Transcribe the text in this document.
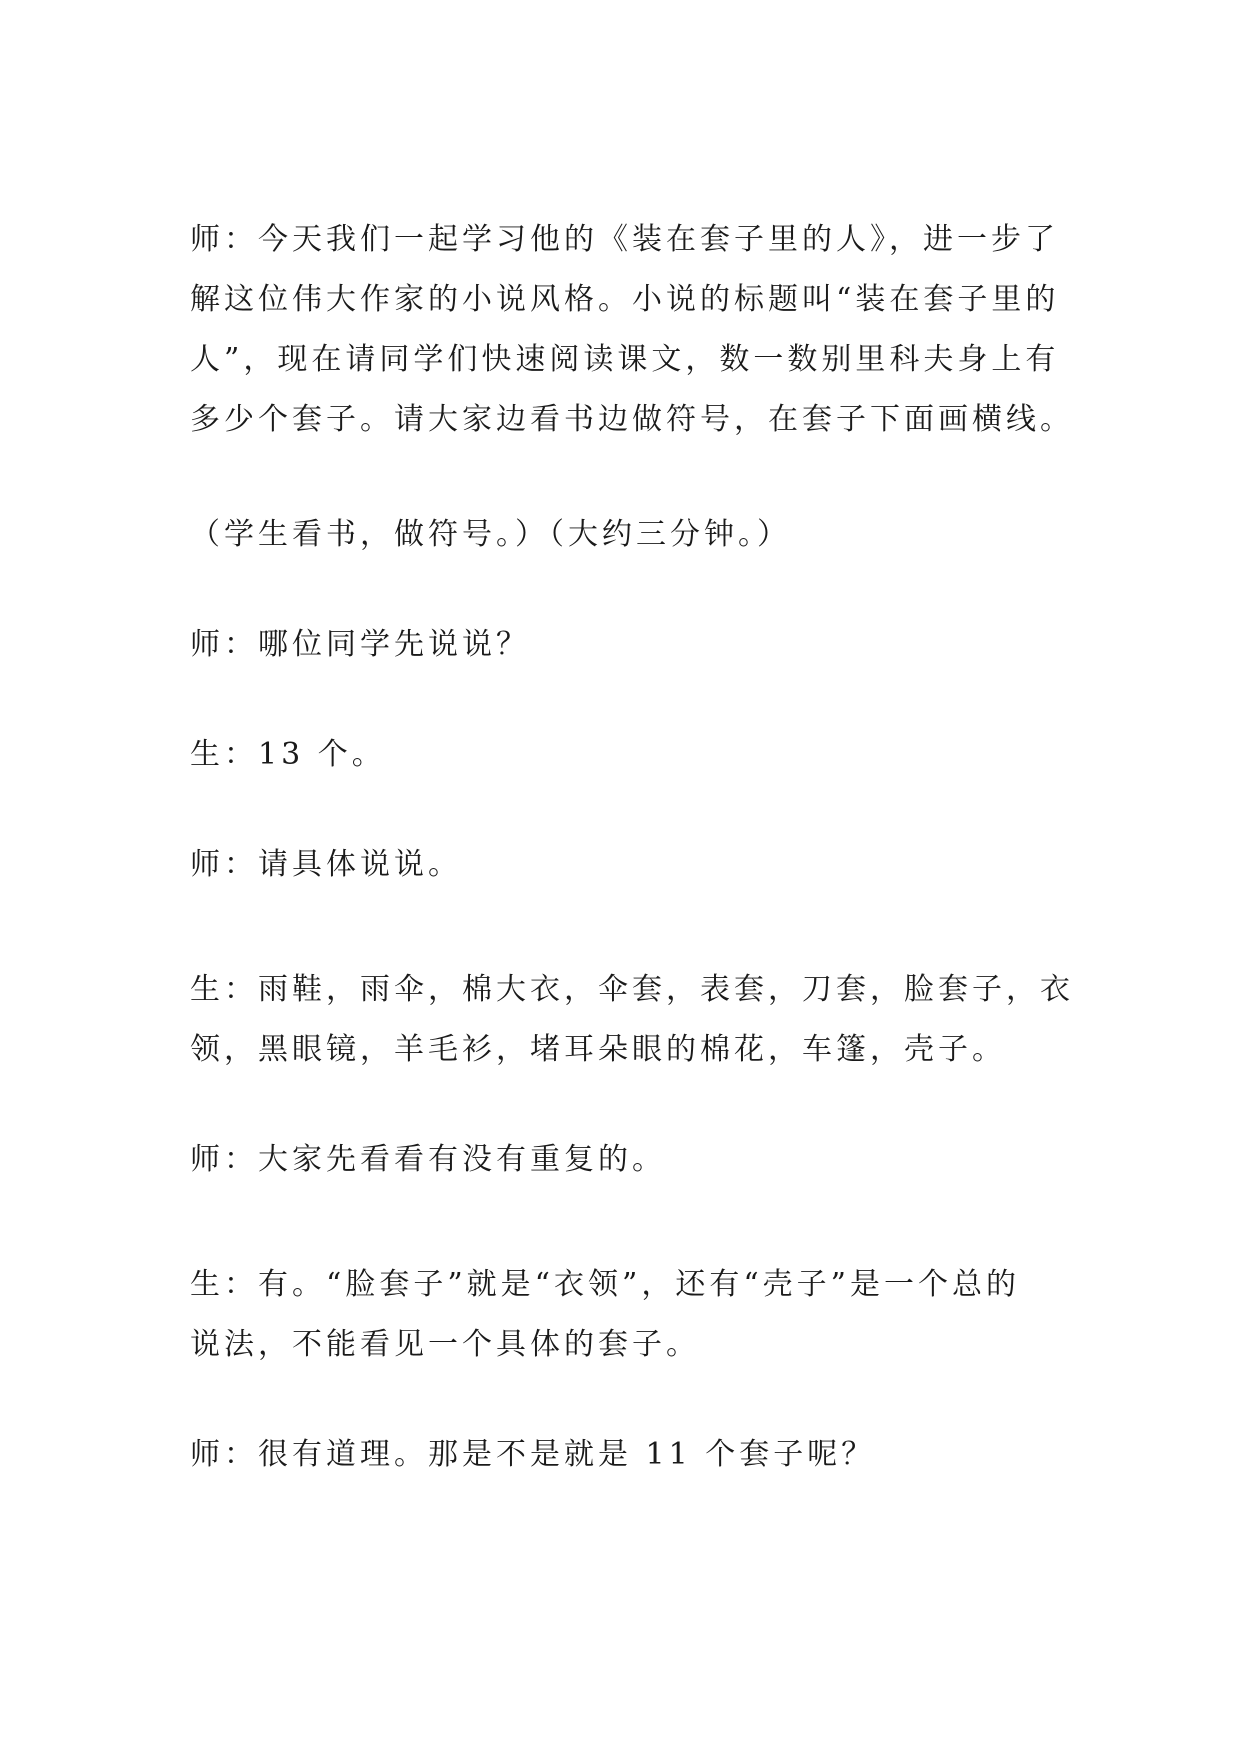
师：今天我们一起学习他的《装在套子里的人》，进一步了
解这位伟大作家的小说风格。小说的标题叫“装在套子里的
人”，现在请同学们快速阅读课文，数一数别里科夫身上有
多少个套子。请大家边看书边做符号，在套子下面画横线。
（学生看书，做符号。）（大约三分钟。）
师：哪位同学先说说？
生：13 个。
师：请具体说说。
生：雨鞋，雨伞，棉大衣，伞套，表套，刀套，脸套子，衣
领，黑眼镜，羊毛衫，堵耳朵眼的棉花，车篷，壳子。
师：大家先看看有没有重复的。
生：有。“脸套子”就是“衣领”，还有“壳子”是一个总的
说法，不能看见一个具体的套子。
师：很有道理。那是不是就是 11 个套子呢？
